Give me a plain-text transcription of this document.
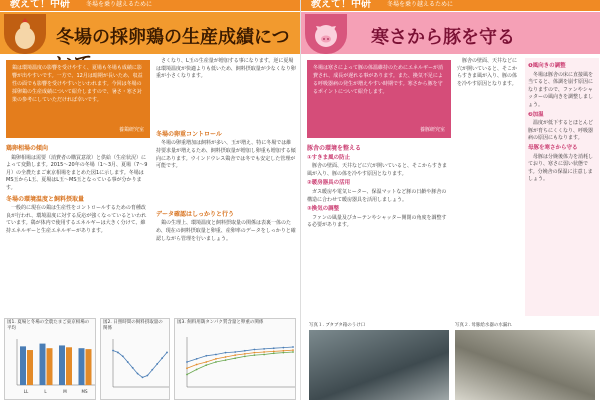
教えて！中研	冬場を乗り越えるために
冬場の採卵鶏の生産成績につ
鶏は環境温度の影響を受けやすく、夏場も冬場も成績に影響が出やすいです。一方で、12月は暗期が長いため、収益性の面でも影響を受けやすいといわれます。今回は冬場の採卵鶏の生産成績について紹介しますので、暑さ・寒さ対策の参考にしていただければ幸いです。
養鶏研究室
鶏卵相場の傾向

鶏卵相場は需要（消費者の購買意欲）と供給（生産状況）によって変動します。2015〜20年の冬場（1〜3月、夏場（7〜9月）の全農たまご東京相場をまとめた図1に示します。冬場はMS玉からL玉、夏場はL玉〜MS玉となっている事が分かります。

冬場の環境温度と飼料摂取量

一般的に現在の鶏は生産性をコントロールするための育種改良が行われ、環境温度に対する反応が強くなっているといわれています。鶏が体内で使用するエネルギーは大きく分けて、維持エネルギーと生産エネルギーがあります。

さくなり、L玉の生産量が増加する事になります。逆に夏場は環境温度が快適よりも低いため、飼料摂取量が少なくなり卵重が小さくなります。

冬場の卵重コントロール

冬場の卵重増加は飼料が多い、玉が増え、特に冬場では維持要求量が増えるため、飼料摂取量が増加し卵重も増加する傾向にあります。ウインドウレス鶏舎では冬でも安定した管理が可能です。

データ確認はしっかりと行う

鶏の生理上、環境温度と飼料摂取量の関係は表裏一体のため、現在の飼料摂取量と卵重、産卵率のデータをしっかりと確認しながら管理を行いましょう。

図1. 夏場と冬場の全農たまご東京相場の平均
LL	L	M	MS
図2. 日照時間の飼料摂取量の関係
図3. 飼料用鶏タンパク質含量と卵重の関係
教えて！中研	冬場を乗り越えるために
寒さから豚を守る
冬場は寒さによって豚の体温維持のためにエネルギーが消費され、成長が遅れる事があります。また、換気不足による呼吸器病の発生が増えやすい時期です。寒さから豚を守るポイントについて紹介します。
養豚研究室
豚舎の環境を整える
①すきま風の防止

豚舎の壁面、天井などに穴が開いていると、そこからすきま風が入り、豚の体を冷やす原因となります。

②暖房器具の活用

ガス暖房や電気ヒーター、保温マットなど豚の日齢や豚舎の構造に合わせて暖房器具を活用しましょう。

③換気の調整

ファンの風量及びカーテンやシャッター開閉の角度を調整する必要があります。

豚舎の壁面、天井などに穴が開いていると、そこからすきま風が入り、豚の体を冷やす原因となります。

❶風向きの調整

冬場は豚舎の床に直接風を当てると、体調を崩す原因になりますので、ファンやシャッターの風向きを調整しましょう。

❷加温

温度が低下するとほとんど豚が育ちにくくなり、呼吸器病の原因にもなります。

母豚を寒さから守る

母豚は分娩後体力を消耗しており、寒さに弱い状態です。分娩舎の保温に注意しましょう。

写真１. ブタブタ箱のうけ口	写真２. 母豚給水器の水漏れ
